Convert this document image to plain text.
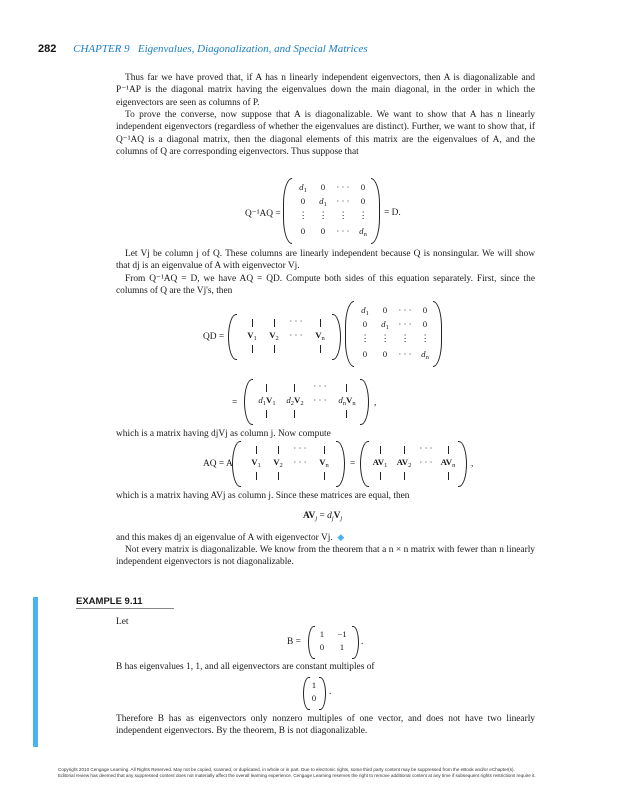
282 CHAPTER 9 Eigenvalues, Diagonalization, and Special Matrices
Thus far we have proved that, if A has n linearly independent eigenvectors, then A is diagonalizable and P⁻¹AP is the diagonal matrix having the eigenvalues down the main diagonal, in the order in which the eigenvectors are seen as columns of P.
To prove the converse, now suppose that A is diagonalizable. We want to show that A has n linearly independent eigenvectors (regardless of whether the eigenvalues are distinct). Further, we want to show that, if Q⁻¹AQ is a diagonal matrix, then the diagonal elements of this matrix are the eigenvalues of A, and the columns of Q are corresponding eigenvectors. Thus suppose that
Q⁻¹AQ =
$d_1$	0	· · ·	0
0	$d_1$	· · ·	0
⋮	⋮	⋮	⋮
0	0	· · ·	$d_n$
= D.
Let Vj be column j of Q. These columns are linearly independent because Q is nonsingular. We will show that dj is an eigenvalue of A with eigenvector Vj.
From Q⁻¹AQ = D, we have AQ = QD. Compute both sides of this equation separately. First, since the columns of Q are the Vj's, then
QD =
· · ·
$V_1$	$V_2$	· · ·	$V_n$
$d_1$	0	· · ·	0
0	$d_1$	· · ·	0
⋮	⋮	⋮	⋮
0	0	· · ·	$d_n$
=
· · ·
$d_1V_1$	$d_2V_2$	· · ·	$d_nV_n$	,
which is a matrix having djVj as column j. Now compute
AQ = A
· · ·
$V_1$	$V_2$	· · ·	$V_n$	=
· · ·
$AV_1$	$AV_2$ · · · $AV_n$	,
which is a matrix having AVj as column j. Since these matrices are equal, then
$AV_j = d_jV_j$
and this makes dj an eigenvalue of A with eigenvector Vj. ◆
Not every matrix is diagonalizable. We know from the theorem that a n × n matrix with fewer than n linearly independent eigenvectors is not diagonalizable.
EXAMPLE 9.11
Let
B =
1	−1
0	1	.
B has eigenvalues 1, 1, and all eigenvectors are constant multiples of
1
0
.
Therefore B has as eigenvectors only nonzero multiples of one vector, and does not have two linearly independent eigenvectors. By the theorem, B is not diagonalizable.
Copyright 2010 Cengage Learning. All Rights Reserved. May not be copied, scanned, or duplicated, in whole or in part. Due to electronic rights, some third party content may be suppressed from the eBook and/or eChapter(s).
Editorial review has deemed that any suppressed content does not materially affect the overall learning experience. Cengage Learning reserves the right to remove additional content at any time if subsequent rights restrictions require it.
